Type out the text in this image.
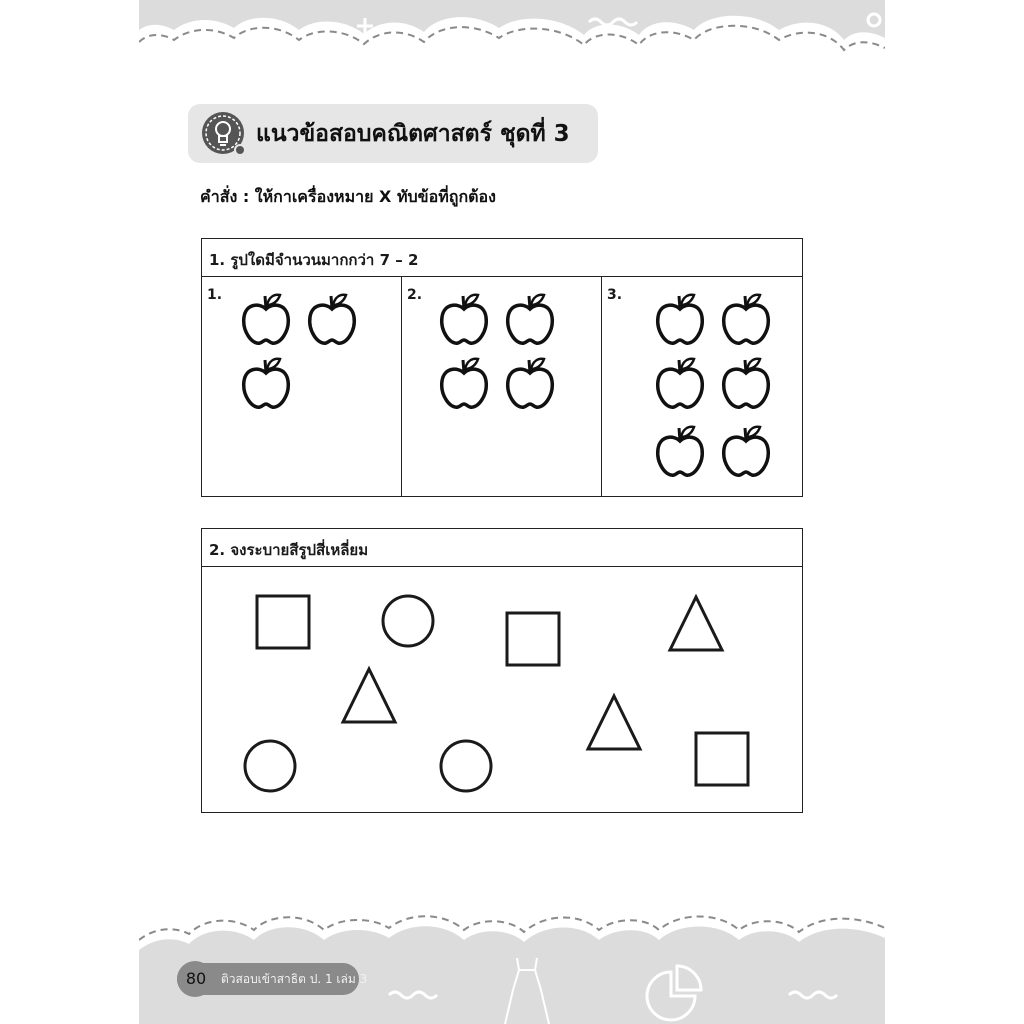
แนวข้อสอบคณิตศาสตร์ ชุดที่ 3
คำสั่ง : ให้กาเครื่องหมาย X ทับข้อที่ถูกต้อง
1. รูปใดมีจำนวนมากกว่า 7 – 2
1.	2.	3.
2. จงระบายสีรูปสี่เหลี่ยม
80	ติวสอบเข้าสาธิต ป. 1 เล่ม 3
